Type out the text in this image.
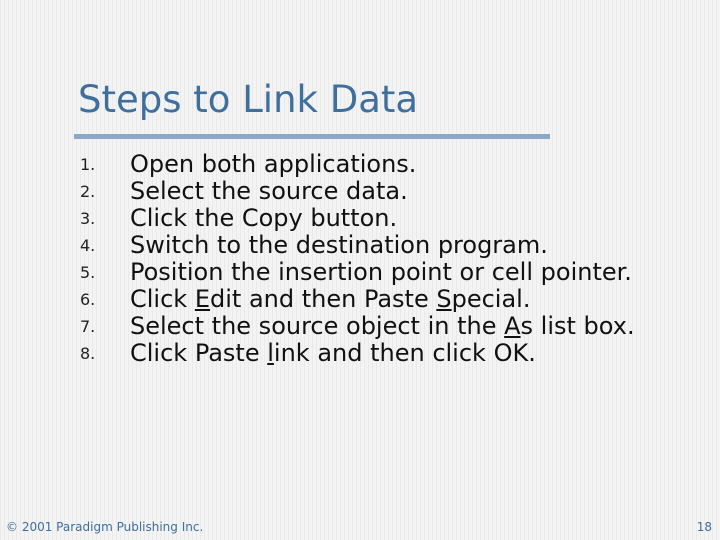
Steps to Link Data
1.	Open both applications.
2.	Select the source data.
3.	Click the Copy button.
4.	Switch to the destination program.
5.	Position the insertion point or cell pointer.
6.	Click Edit and then Paste Special.
7.	Select the source object in the As list box.
8.	Click Paste link and then click OK.
© 2001 Paradigm Publishing Inc.	18
